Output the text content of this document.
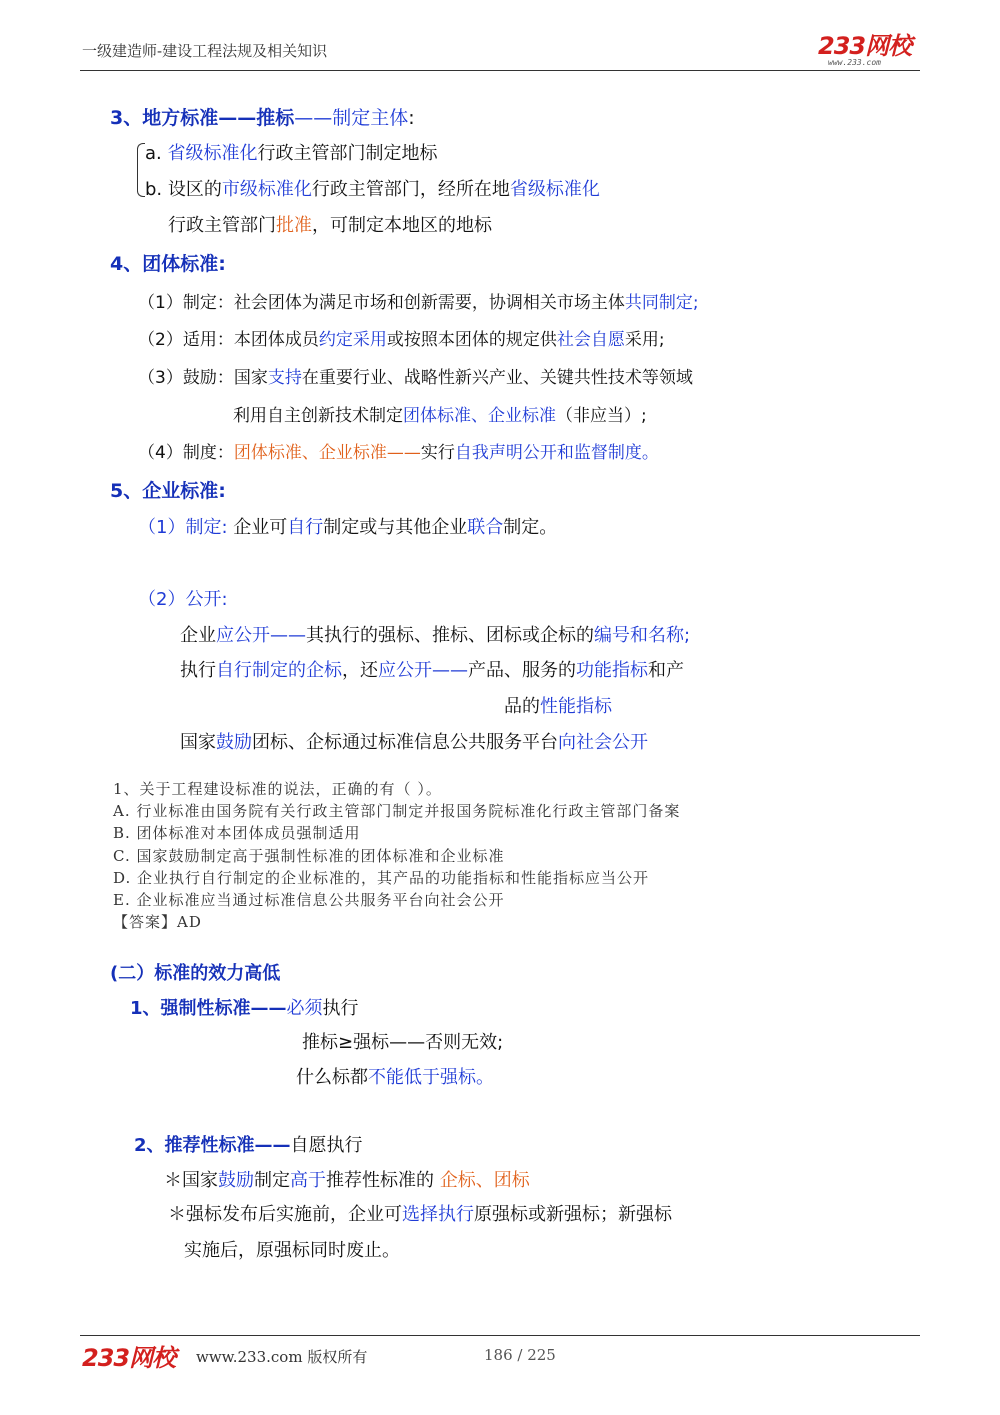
一级建造师-建设工程法规及相关知识	233网校
www.233.com
3、地方标准——推标——制定主体:
a. 省级标准化行政主管部门制定地标
b. 设区的市级标准化行政主管部门，经所在地省级标准化
行政主管部门批准，可制定本地区的地标
4、团体标准:
（1）制定：社会团体为满足市场和创新需要，协调相关市场主体共同制定;
（2）适用：本团体成员约定采用或按照本团体的规定供社会自愿采用;
（3）鼓励：国家支持在重要行业、战略性新兴产业、关键共性技术等领域
利用自主创新技术制定团体标准、企业标准（非应当）;
（4）制度：团体标准、企业标准——实行自我声明公开和监督制度。
5、企业标准:
（1）制定: 企业可自行制定或与其他企业联合制定。
（2）公开:
企业应公开——其执行的强标、推标、团标或企标的编号和名称;
执行自行制定的企标，还应公开——产品、服务的功能指标和产
品的性能指标
国家鼓励团标、企标通过标准信息公共服务平台向社会公开
1、关于工程建设标准的说法，正确的有（ ）。
A. 行业标准由国务院有关行政主管部门制定并报国务院标准化行政主管部门备案
B. 团体标准对本团体成员强制适用
C. 国家鼓励制定高于强制性标准的团体标准和企业标准
D. 企业执行自行制定的企业标准的，其产品的功能指标和性能指标应当公开
E. 企业标准应当通过标准信息公共服务平台向社会公开
【答案】AD
(二）标准的效力高低
1、强制性标准——必须执行
推标≥强标——否则无效;
什么标都不能低于强标。
2、推荐性标准——自愿执行
＊国家鼓励制定高于推荐性标准的 企标、团标
＊强标发布后实施前，企业可选择执行原强标或新强标；新强标
实施后，原强标同时废止。
233网校 www.233.com 版权所有	186 / 225
